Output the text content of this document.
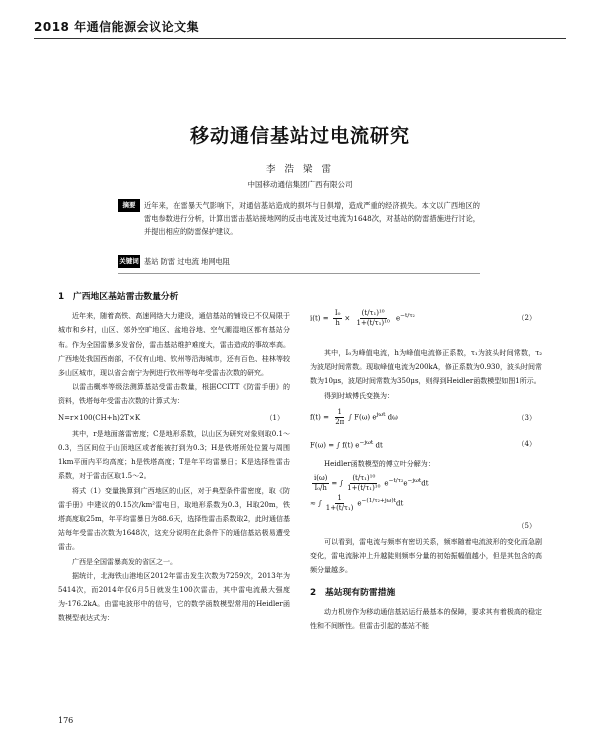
2018 年通信能源会议论文集
移动通信基站过电流研究
李 浩 梁 雷
中国移动通信集团广西有限公司
摘要	近年来，在雷暴天气影响下，对通信基站造成的损坏与日俱增，造成严重的经济损失。本文以广西地区的雷电参数进行分析，计算出雷击基站接地网的反击电流及过电流为1648次，对基站的防雷措施进行讨论，并提出相应的防雷保护建议。
关键词 基站 防雷 过电流 地网电阻
1　广西地区基站雷击数量分析

近年来，随着高铁、高速网络大力建设，通信基站的铺设已不仅局限于城市和乡村，山区、郊外空旷地区、盆地谷地、空气潮湿地区都有基站分布。作为全国雷暴多发省份，雷击基站维护难度大，雷击造成的事故率高。广西地处我国西南部，不仅有山地、钦州等沿海城市，还有百色、桂林等较多山区城市，现以省会南宁为例进行钦州等每年受雷击次数的研究。

以雷击概率等级法测算基站受雷击数量，根据CCITT《防雷手册》的资料，铁塔每年受雷击次数的计算式为：

N=r×100(CH+h)2T×K	（1）

其中，r是地面落雷密度；C是地形系数，以山区为研究对象则取0.1～0.3，当区间位于山顶地区或者能被打到为0.3；H是铁塔所处位置与周围1km平面内平均高度；h是铁塔高度；T是年平均雷暴日；K是选择性雷击系数，对于雷击区取1.5～2。

将式（1）变量换算到广西地区的山区，对于典型条件雷密度，取《防雷手册》中建议的0.15次/km²雷电日，取地形系数为0.3，H取20m，铁塔高度取25m，年平均雷暴日为88.6天，选择性雷击系数取2，此时通信基站每年受雷击次数为1648次，这充分说明在此条件下的通信基站极易遭受雷击。

广西是全国雷暴高发的省区之一。

据统计，北海铁山港地区2012年雷击发生次数为7259次，2013年为5414次，而2014年仅6月5日就发生100次雷击，其中雷电流最大强度为-176.2kA。由雷电波形中的信号，它的数学函数模型常用的Heidler函数模型表达式为：

$i(t) = \frac{\text{I₀}}{h} \times \frac{\text{(t/τ₁)¹⁰}}{\text{1+(t/τ₁)¹⁰}} e^{-t/\tau_2}$	（2）

其中，I₀为峰值电流，h为峰值电流修正系数，τ₁为波头时间常数，τ₂为波尾时间常数。现取峰值电流为200kA，修正系数为0.930，波头时间常数为10μs，波尾时间常数为350μs，则得到Heidler函数模型如图1所示。

得到时域傅氏变换为：

$f(t) = \frac{1}{2\pi}$ ∫ F(ω) $e^{j\omega t}$ dω	（3）
F(ω) = ∫ f(t) $e^{-j\omega t}$ dt	（4）

Heidler函数模型的傅立叶分解为：

$\frac{i(\omega)}{\text{I₀/h}}$ = ∫ $\frac{\text{(t/τ₁)¹⁰}}{\text{1+(t/τ₁)¹⁰}} e^{-t/\tau_2}e^{-j\omega t}dt$
≈ ∫ $\frac{1}{\text{1+(t/τ₁)}} e^{-(1/\tau_2+j\omega)t}dt$
（5）

可以看到，雷电流与频率有密切关系，频率随着电流波形的变化而急剧变化，雷电流脉冲上升越陡则频率分量的初始振幅值越小，但是其包含的高频分量越多。

2　基站现有防雷措施

动力机房作为移动通信基站运行最基本的保障，要求其有着极高的稳定性和不间断性。但雷击引起的基站不能

176
